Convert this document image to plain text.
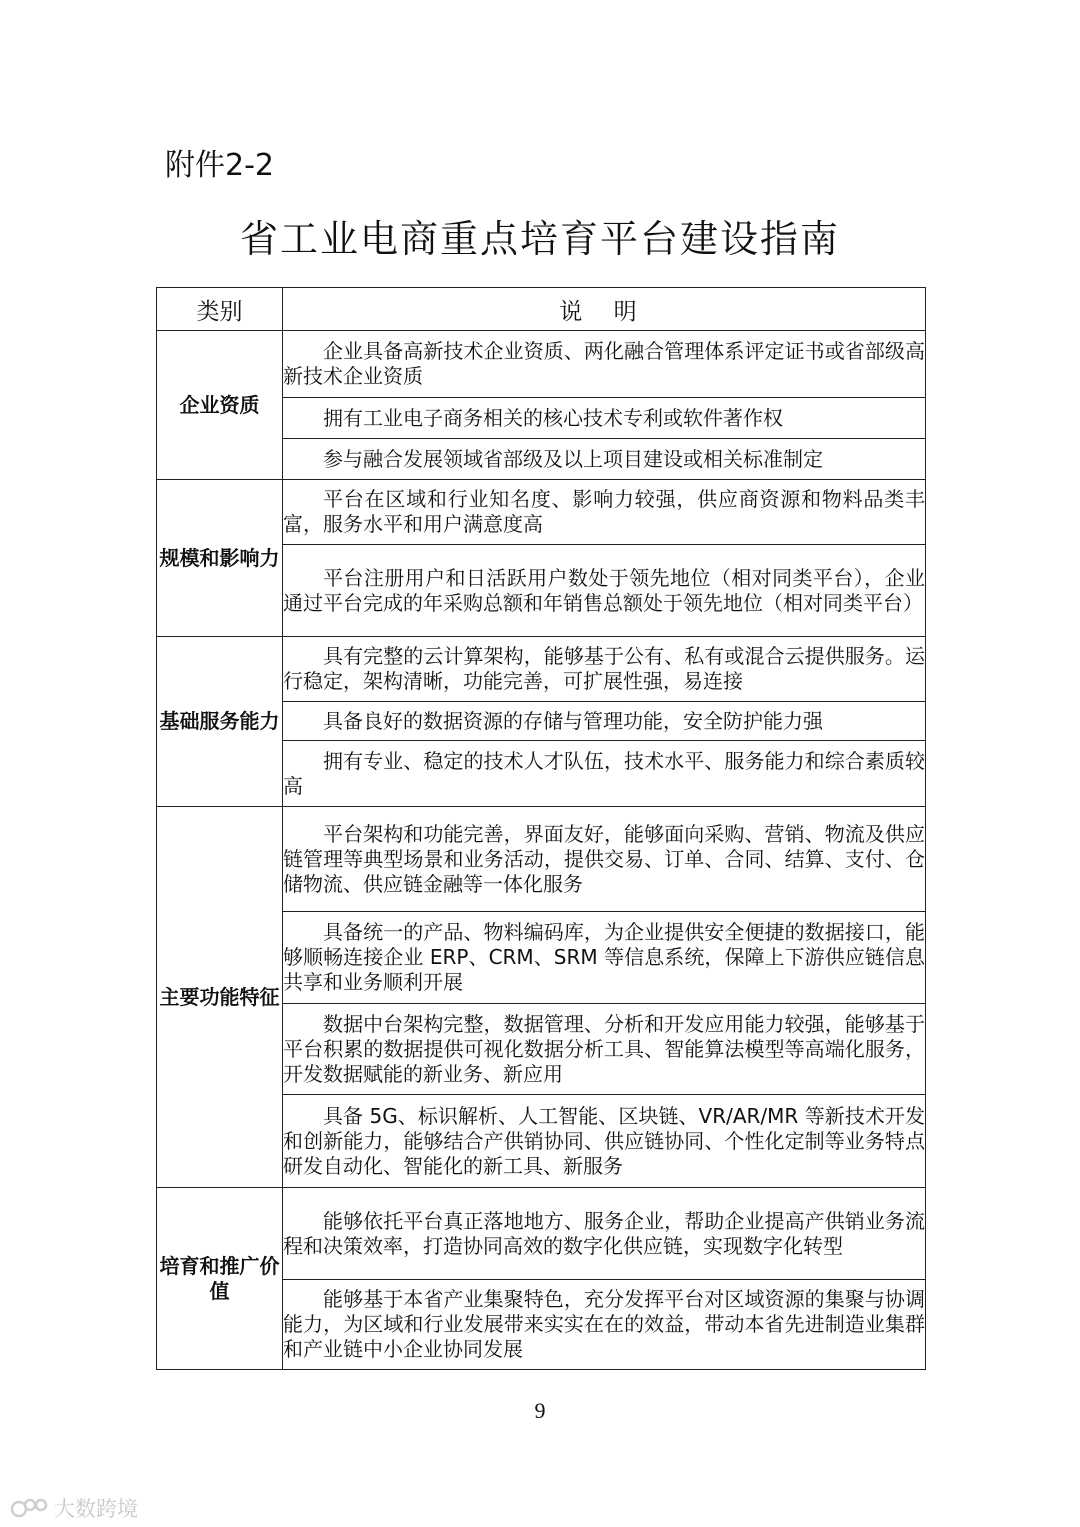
附件2-2
省工业电商重点培育平台建设指南
类别	说 明
企业资质	企业具备高新技术企业资质、两化融合管理体系评定证书或省部级高新技术企业资质
	拥有工业电子商务相关的核心技术专利或软件著作权
	参与融合发展领域省部级及以上项目建设或相关标准制定
规模和影响力	平台在区域和行业知名度、影响力较强，供应商资源和物料品类丰富，服务水平和用户满意度高
	平台注册用户和日活跃用户数处于领先地位（相对同类平台），企业通过平台完成的年采购总额和年销售总额处于领先地位（相对同类平台）
基础服务能力	具有完整的云计算架构，能够基于公有、私有或混合云提供服务。运行稳定，架构清晰，功能完善，可扩展性强，易连接
	具备良好的数据资源的存储与管理功能，安全防护能力强
	拥有专业、稳定的技术人才队伍，技术水平、服务能力和综合素质较高
主要功能特征	平台架构和功能完善，界面友好，能够面向采购、营销、物流及供应链管理等典型场景和业务活动，提供交易、订单、合同、结算、支付、仓储物流、供应链金融等一体化服务
	具备统一的产品、物料编码库，为企业提供安全便捷的数据接口，能够顺畅连接企业 ERP、CRM、SRM 等信息系统，保障上下游供应链信息共享和业务顺利开展
	数据中台架构完整，数据管理、分析和开发应用能力较强，能够基于平台积累的数据提供可视化数据分析工具、智能算法模型等高端化服务，开发数据赋能的新业务、新应用
	具备 5G、标识解析、人工智能、区块链、VR/AR/MR 等新技术开发和创新能力，能够结合产供销协同、供应链协同、个性化定制等业务特点研发自动化、智能化的新工具、新服务
培育和推广价值	能够依托平台真正落地地方、服务企业，帮助企业提高产供销业务流程和决策效率，打造协同高效的数字化供应链，实现数字化转型
	能够基于本省产业集聚特色，充分发挥平台对区域资源的集聚与协调能力，为区域和行业发展带来实实在在的效益，带动本省先进制造业集群和产业链中小企业协同发展
9
大数跨境
